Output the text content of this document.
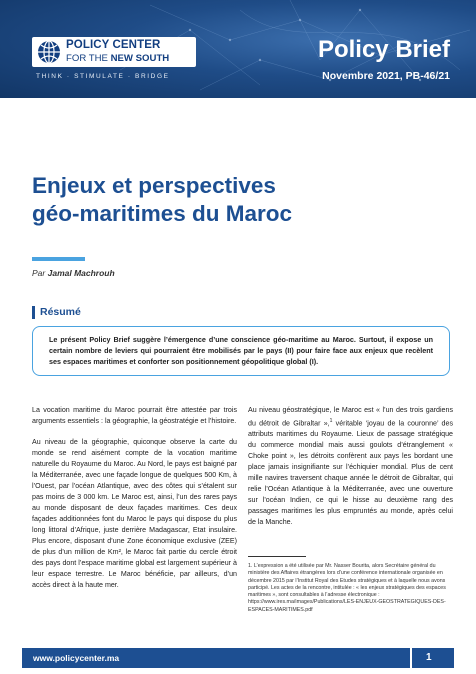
POLICY CENTER
FOR THE NEW SOUTH
THINK · STIMULATE · BRIDGE
Policy Brief
Novembre 2021, PB-46/21
Enjeux et perspectives
géo-maritimes du Maroc
Par Jamal Machrouh
Résumé
Le présent Policy Brief suggère l’émergence d’une conscience géo-maritime au Maroc. Surtout, il expose un certain nombre de leviers qui pourraient être mobilisés par le pays (II) pour faire face aux enjeux que recèlent ses espaces maritimes et conforter son positionnement géopolitique global (I).

La vocation maritime du Maroc pourrait être attestée par trois arguments essentiels : la géographie, la géostratégie et l’histoire.

Au niveau de la géographie, quiconque observe la carte du monde se rend aisément compte de la vocation maritime naturelle du Royaume du Maroc. Au Nord, le pays est baigné par la Méditerranée, avec une façade longue de quelques 500 Km, à l’Ouest, par l’océan Atlantique, avec des côtes qui s’étalent sur pas moins de 3 000 km. Le Maroc est, ainsi, l’un des rares pays au monde disposant de deux façades maritimes. Ces deux façades additionnées font du Maroc le pays qui dispose du plus long littoral d’Afrique, juste derrière Madagascar, Etat insulaire. Plus encore, disposant d’une Zone économique exclusive (ZEE) de plus d’un million de Km², le Maroc fait partie du cercle étroit des pays dont l’espace maritime global est largement supérieur à leur espace terrestre. Le Maroc bénéficie, par ailleurs, d’un accès direct à la haute mer.

Au niveau géostratégique, le Maroc est « l’un des trois gardiens du détroit de Gibraltar »,$^1$ véritable ‘joyau de la couronne’ des attributs maritimes du Royaume. Lieux de passage stratégique du commerce mondial mais aussi goulots d’étranglement « Choke point », les détroits confèrent aux pays les bordant une place jamais insignifiante sur l’échiquier mondial. Plus de cent mille navires traversent chaque année le détroit de Gibraltar, qui relie l’Océan Atlantique à la Méditerranée, avec une ouverture sur l’océan Indien, ce qui le hisse au deuxième rang des passages maritimes les plus empruntés au monde, après celui de la Manche.

1. L’expression a été utilisée par Mr. Nasser Bourita, alors Secrétaire général du ministère des Affaires étrangères lors d’une conférence internationale organisée en décembre 2015 par l’Institut Royal des Etudes stratégiques et à laquelle nous avons participé. Les actes de la rencontre, intitulée : « les enjeux stratégiques des espaces maritimes », sont consultables à l’adresse électronique : https://www.ires.ma/images/Publications/LES-ENJEUX-GEOSTRATEGIQUES-DES-ESPACES-MARITIMES.pdf
www.policycenter.ma	1
